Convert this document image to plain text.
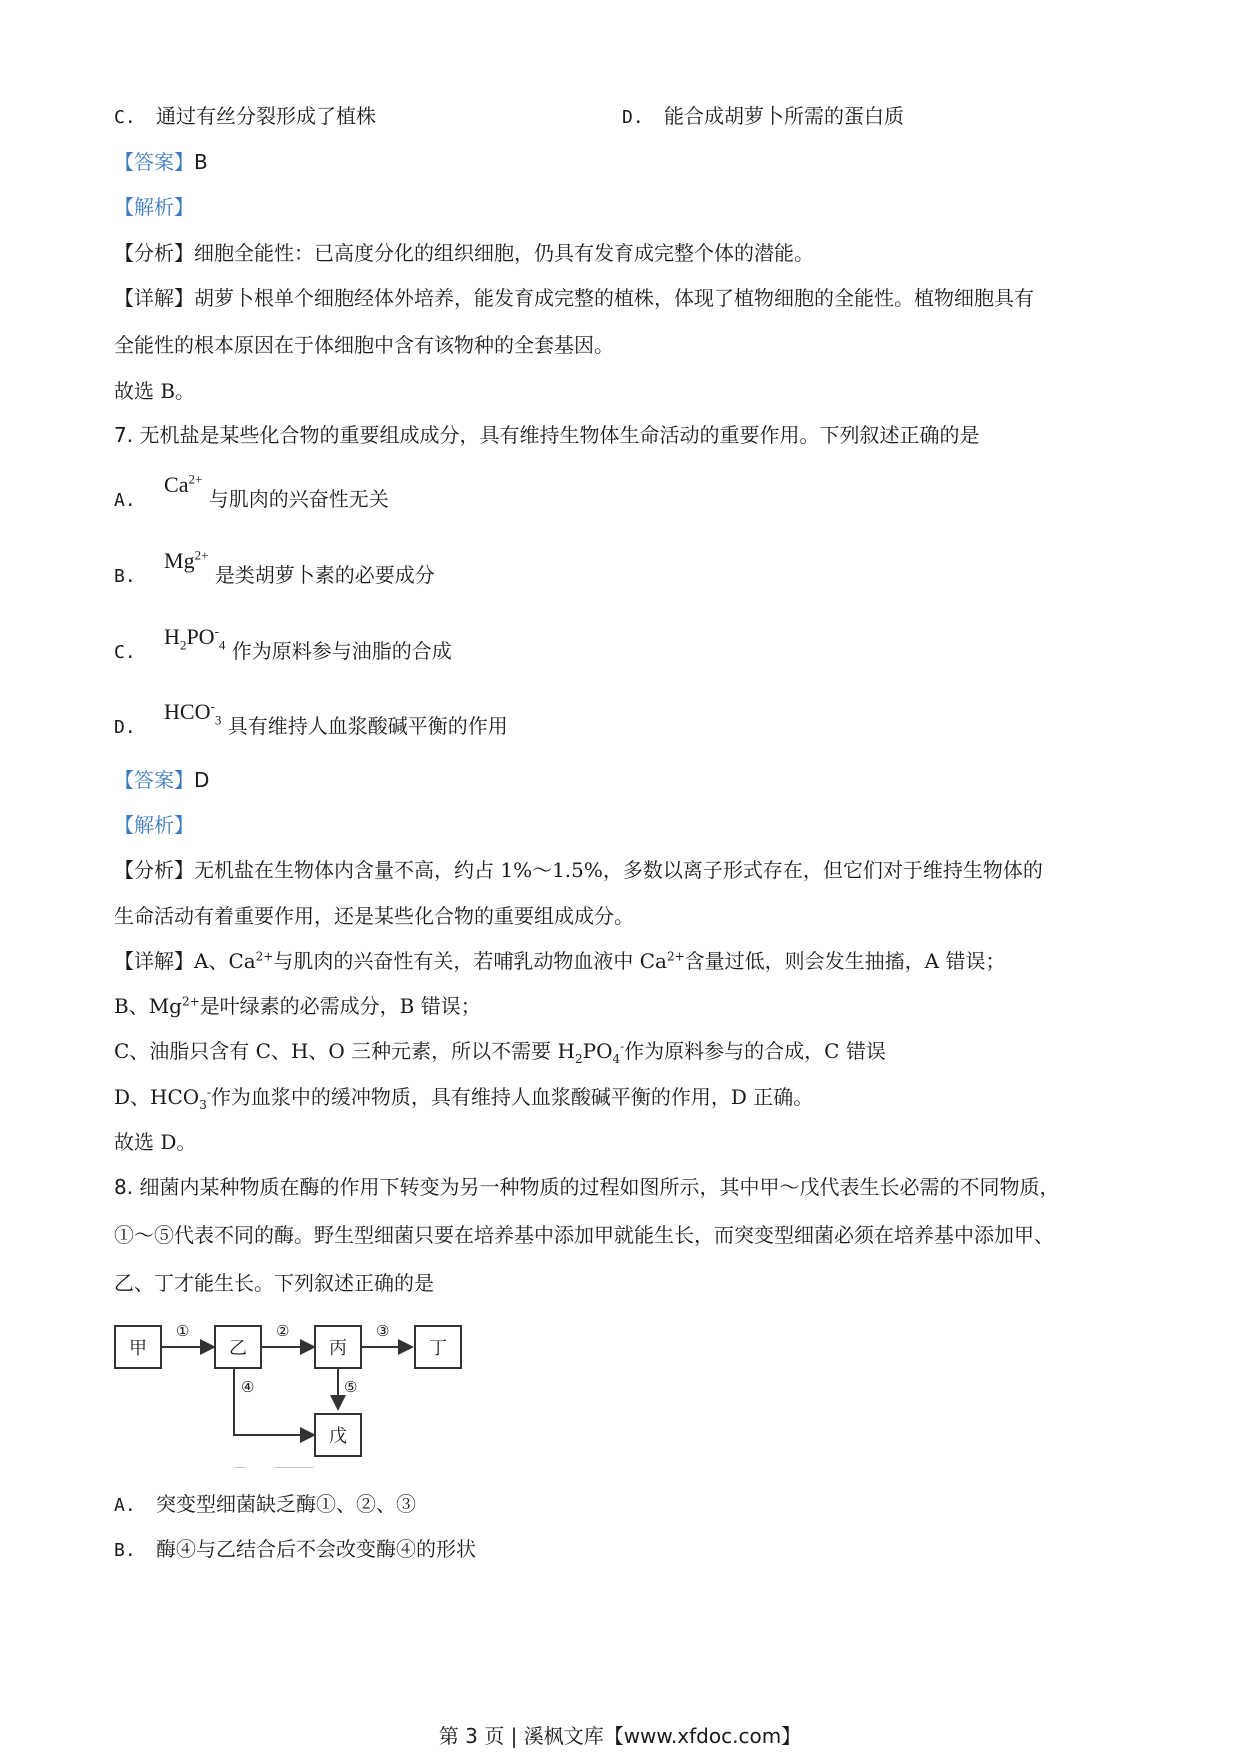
C. 通过有丝分裂形成了植株	D. 能合成胡萝卜所需的蛋白质
【答案】B
【解析】
【分析】细胞全能性：已高度分化的组织细胞，仍具有发育成完整个体的潜能。
【详解】胡萝卜根单个细胞经体外培养，能发育成完整的植株，体现了植物细胞的全能性。植物细胞具有
全能性的根本原因在于体细胞中含有该物种的全套基因。
故选 B。
7. 无机盐是某些化合物的重要组成成分，具有维持生物体生命活动的重要作用。下列叙述正确的是
A. $Ca^{2+}$ 与肌肉的兴奋性无关
B. $Mg^{2+}$ 是类胡萝卜素的必要成分
C. $H_2PO^-_4$ 作为原料参与油脂的合成
D. $HCO^-_3$ 具有维持人血浆酸碱平衡的作用
【答案】D
【解析】
【分析】无机盐在生物体内含量不高，约占 1%～1.5%，多数以离子形式存在，但它们对于维持生物体的
生命活动有着重要作用，还是某些化合物的重要组成成分。
【详解】A、$Ca^{2+}$与肌肉的兴奋性有关，若哺乳动物血液中 $Ca^{2+}$含量过低，则会发生抽搐，A 错误；
B、$Mg^{2+}$是叶绿素的必需成分，B 错误；
C、油脂只含有 C、H、O 三种元素，所以不需要 $H_2PO_4^-$作为原料参与的合成，C 错误
D、$HCO_3^-$作为血浆中的缓冲物质，具有维持人血浆酸碱平衡的作用，D 正确。
故选 D。
8. 细菌内某种物质在酶的作用下转变为另一种物质的过程如图所示，其中甲～戊代表生长必需的不同物质，
①～⑤代表不同的酶。野生型细菌只要在培养基中添加甲就能生长，而突变型细菌必须在培养基中添加甲、
乙、丁才能生长。下列叙述正确的是
甲	乙	丙	丁
戊
①	②	③
④	⑤
A. 突变型细菌缺乏酶①、②、③
B. 酶④与乙结合后不会改变酶④的形状
第 3 页 | 溪枫文库【www.xfdoc.com】
